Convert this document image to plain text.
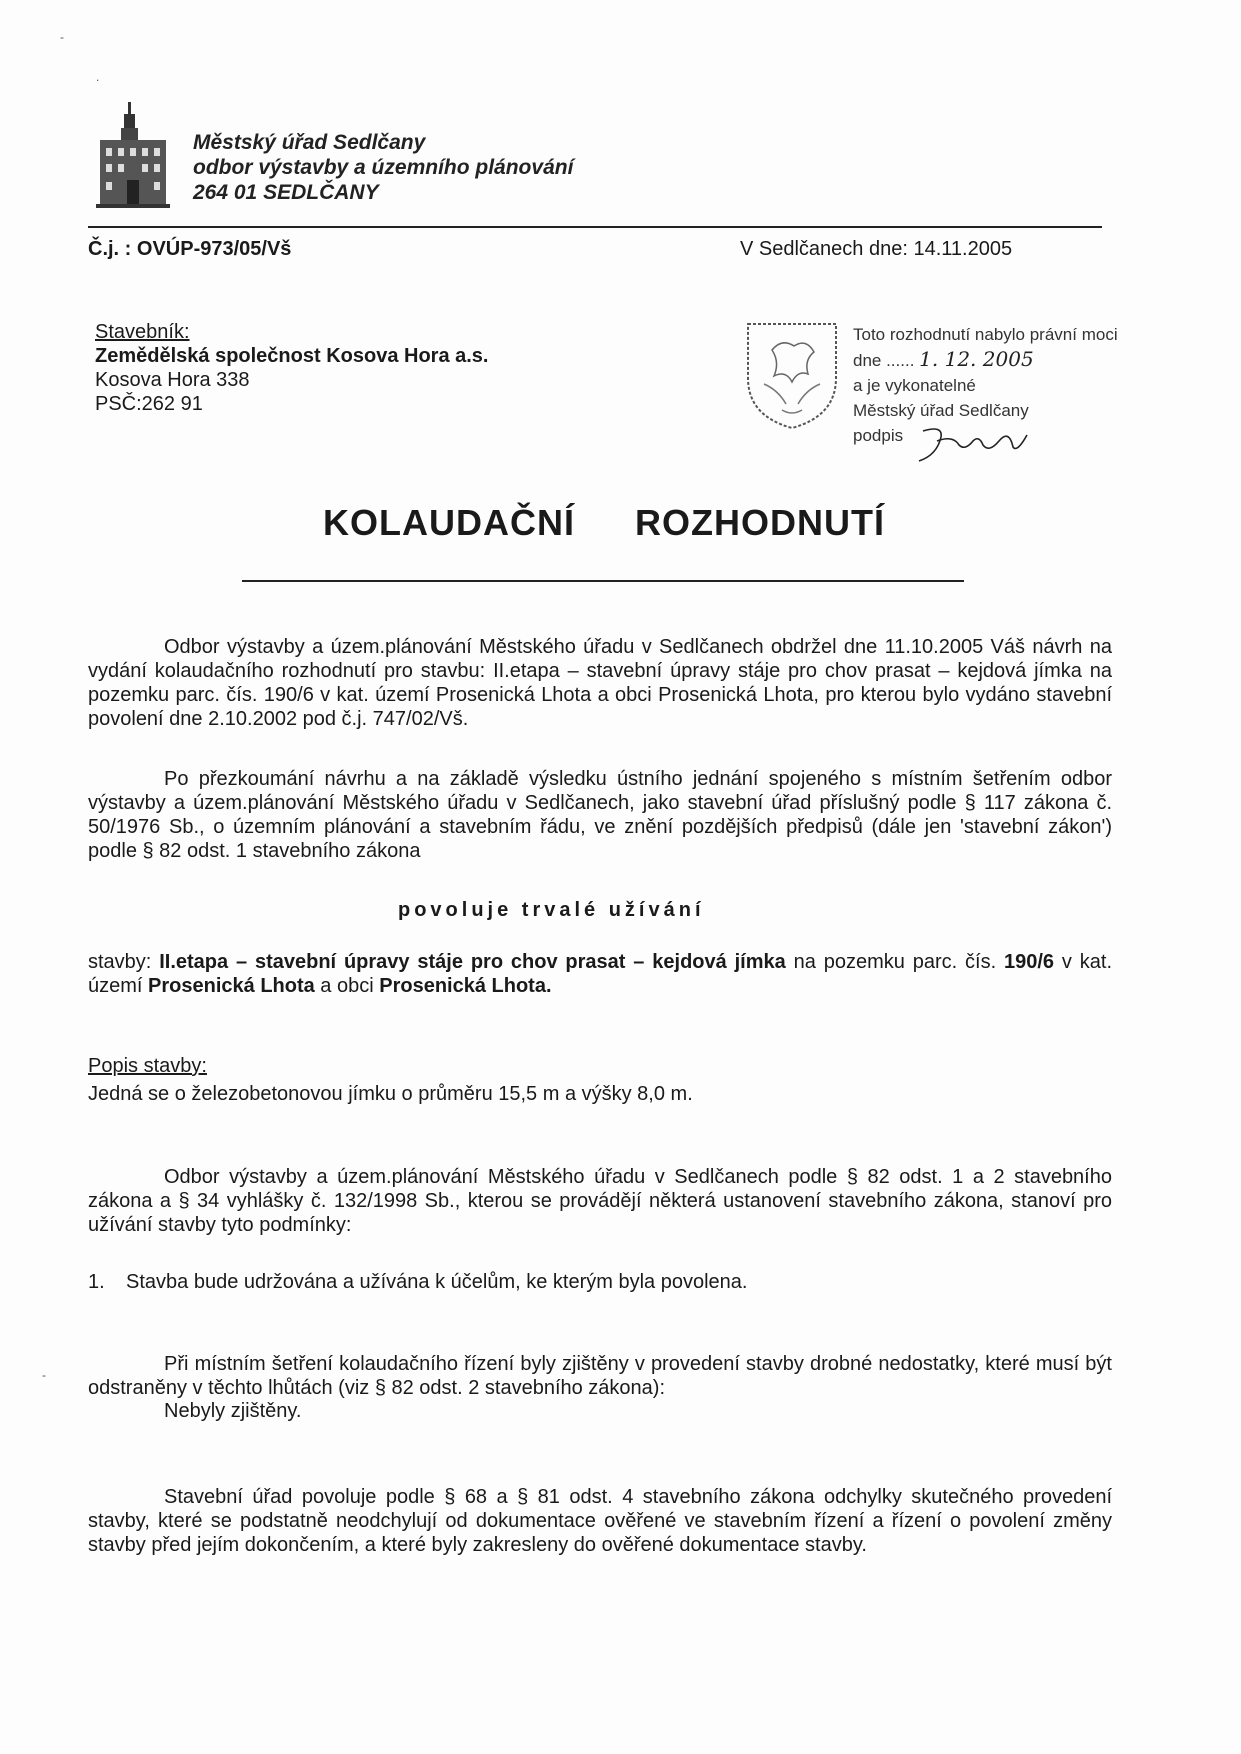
Městský úřad Sedlčany
odbor výstavby a územního plánování
264 01 SEDLČANY
Č.j. : OVÚP-973/05/Vš	V Sedlčanech dne: 14.11.2005
Stavebník:
Zemědělská společnost Kosova Hora a.s.
Kosova Hora 338
PSČ:262 91
Toto rozhodnutí nabylo právní moci
dne ...... 1. 12. 2005
a je vykonatelné
Městský úřad Sedlčany
podpis
KOLAUDAČNÍ ROZHODNUTÍ
Odbor výstavby a územ.plánování Městského úřadu v Sedlčanech obdržel dne 11.10.2005 Váš návrh na vydání kolaudačního rozhodnutí pro stavbu: II.etapa – stavební úpravy stáje pro chov prasat – kejdová jímka na pozemku parc. čís. 190/6 v kat. území Prosenická Lhota a obci Prosenická Lhota, pro kterou bylo vydáno stavební povolení dne 2.10.2002 pod č.j. 747/02/Vš.
Po přezkoumání návrhu a na základě výsledku ústního jednání spojeného s místním šetřením odbor výstavby a územ.plánování Městského úřadu v Sedlčanech, jako stavební úřad příslušný podle § 117 zákona č. 50/1976 Sb., o územním plánování a stavebním řádu, ve znění pozdějších předpisů (dále jen 'stavební zákon') podle § 82 odst. 1 stavebního zákona
povoluje trvalé užívání
stavby: II.etapa – stavební úpravy stáje pro chov prasat – kejdová jímka na pozemku parc. čís. 190/6 v kat. území Prosenická Lhota a obci Prosenická Lhota.
Popis stavby:
Jedná se o železobetonovou jímku o průměru 15,5 m a výšky 8,0 m.
Odbor výstavby a územ.plánování Městského úřadu v Sedlčanech podle § 82 odst. 1 a 2 stavebního zákona a § 34 vyhlášky č. 132/1998 Sb., kterou se provádějí některá ustanovení stavebního zákona, stanoví pro užívání stavby tyto podmínky:
1. Stavba bude udržována a užívána k účelům, ke kterým byla povolena.
Při místním šetření kolaudačního řízení byly zjištěny v provedení stavby drobné nedostatky, které musí být odstraněny v těchto lhůtách (viz § 82 odst. 2 stavebního zákona):
Nebyly zjištěny.
Stavební úřad povoluje podle § 68 a § 81 odst. 4 stavebního zákona odchylky skutečného provedení stavby, které se podstatně neodchylují od dokumentace ověřené ve stavebním řízení a řízení o povolení změny stavby před jejím dokončením, a které byly zakresleny do ověřené dokumentace stavby.
-
.
-
